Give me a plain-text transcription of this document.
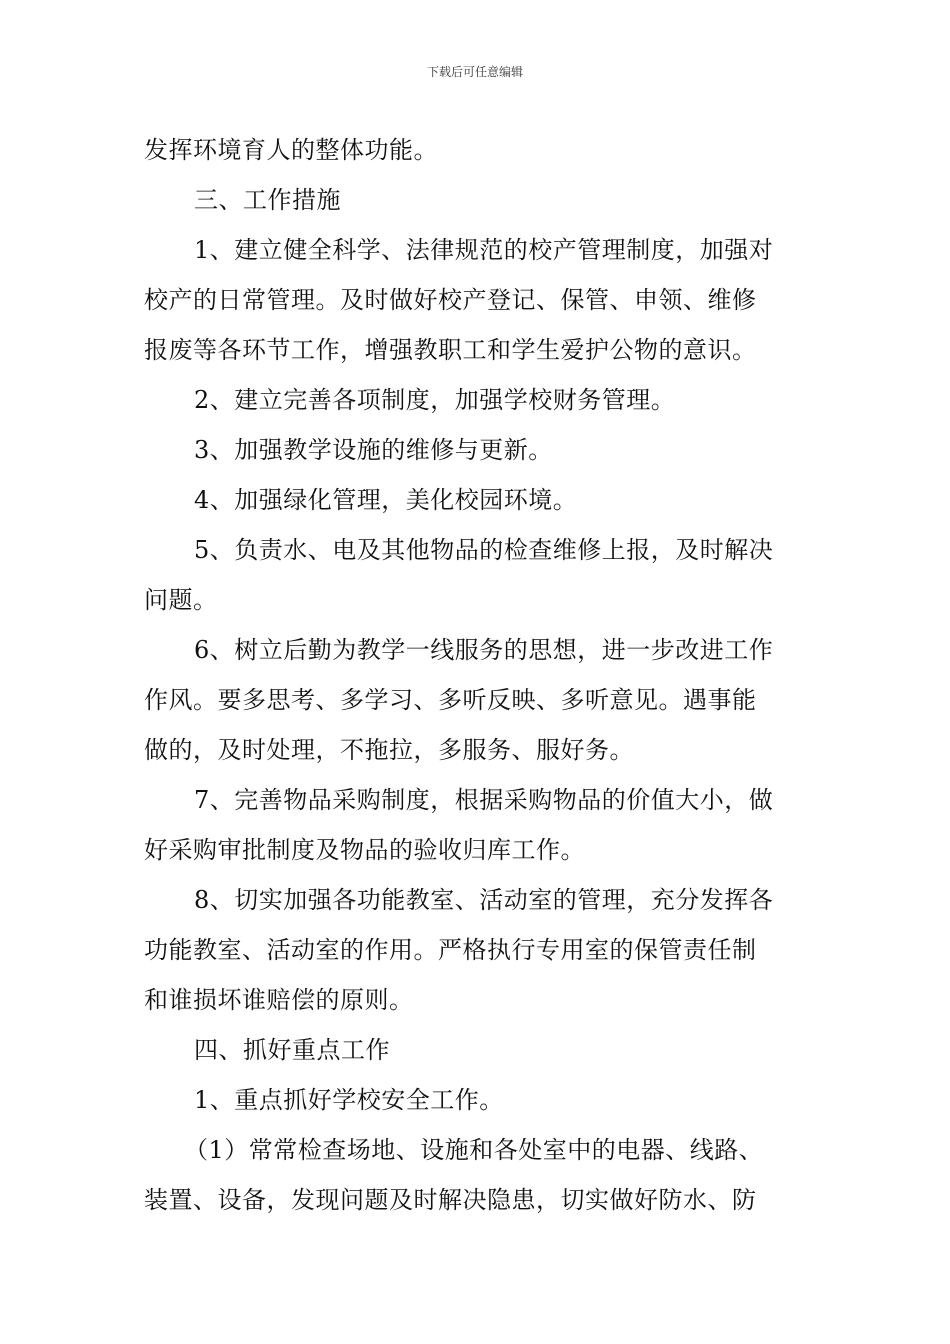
下载后可任意编辑
发挥环境育人的整体功能。
三、工作措施
1、建立健全科学、法律规范的校产管理制度，加强对
校产的日常管理。及时做好校产登记、保管、申领、维修
报废等各环节工作，增强教职工和学生爱护公物的意识。
2、建立完善各项制度，加强学校财务管理。
3、加强教学设施的维修与更新。
4、加强绿化管理，美化校园环境。
5、负责水、电及其他物品的检查维修上报，及时解决
问题。
6、树立后勤为教学一线服务的思想，进一步改进工作
作风。要多思考、多学习、多听反映、多听意见。遇事能
做的，及时处理，不拖拉，多服务、服好务。
7、完善物品采购制度，根据采购物品的价值大小，做
好采购审批制度及物品的验收归库工作。
8、切实加强各功能教室、活动室的管理，充分发挥各
功能教室、活动室的作用。严格执行专用室的保管责任制
和谁损坏谁赔偿的原则。
四、抓好重点工作
1、重点抓好学校安全工作。
（1）常常检查场地、设施和各处室中的电器、线路、
装置、设备，发现问题及时解决隐患，切实做好防水、防
